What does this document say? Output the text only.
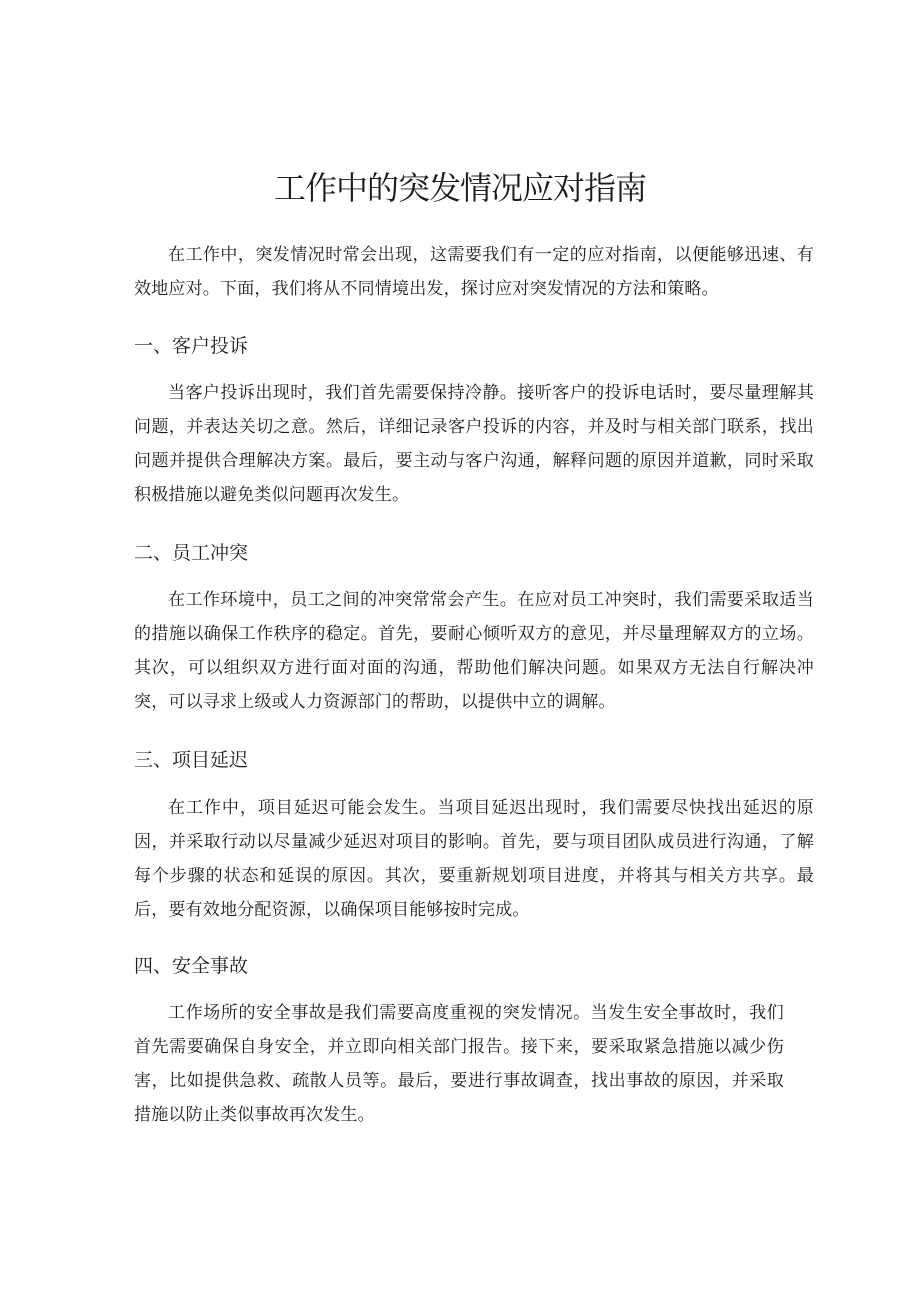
工作中的突发情况应对指南

在工作中，突发情况时常会出现，这需要我们有一定的应对指南，以便能够迅速、有效地应对。下面，我们将从不同情境出发，探讨应对突发情况的方法和策略。

一、客户投诉

当客户投诉出现时，我们首先需要保持冷静。接听客户的投诉电话时，要尽量理解其问题，并表达关切之意。然后，详细记录客户投诉的内容，并及时与相关部门联系，找出问题并提供合理解决方案。最后，要主动与客户沟通，解释问题的原因并道歉，同时采取积极措施以避免类似问题再次发生。

二、员工冲突

在工作环境中，员工之间的冲突常常会产生。在应对员工冲突时，我们需要采取适当的措施以确保工作秩序的稳定。首先，要耐心倾听双方的意见，并尽量理解双方的立场。其次，可以组织双方进行面对面的沟通，帮助他们解决问题。如果双方无法自行解决冲突，可以寻求上级或人力资源部门的帮助，以提供中立的调解。

三、项目延迟

在工作中，项目延迟可能会发生。当项目延迟出现时，我们需要尽快找出延迟的原因，并采取行动以尽量减少延迟对项目的影响。首先，要与项目团队成员进行沟通，了解每个步骤的状态和延误的原因。其次，要重新规划项目进度，并将其与相关方共享。最后，要有效地分配资源，以确保项目能够按时完成。

四、安全事故

工作场所的安全事故是我们需要高度重视的突发情况。当发生安全事故时，我们首先需要确保自身安全，并立即向相关部门报告。接下来，要采取紧急措施以减少伤害，比如提供急救、疏散人员等。最后，要进行事故调查，找出事故的原因，并采取措施以防止类似事故再次发生。
